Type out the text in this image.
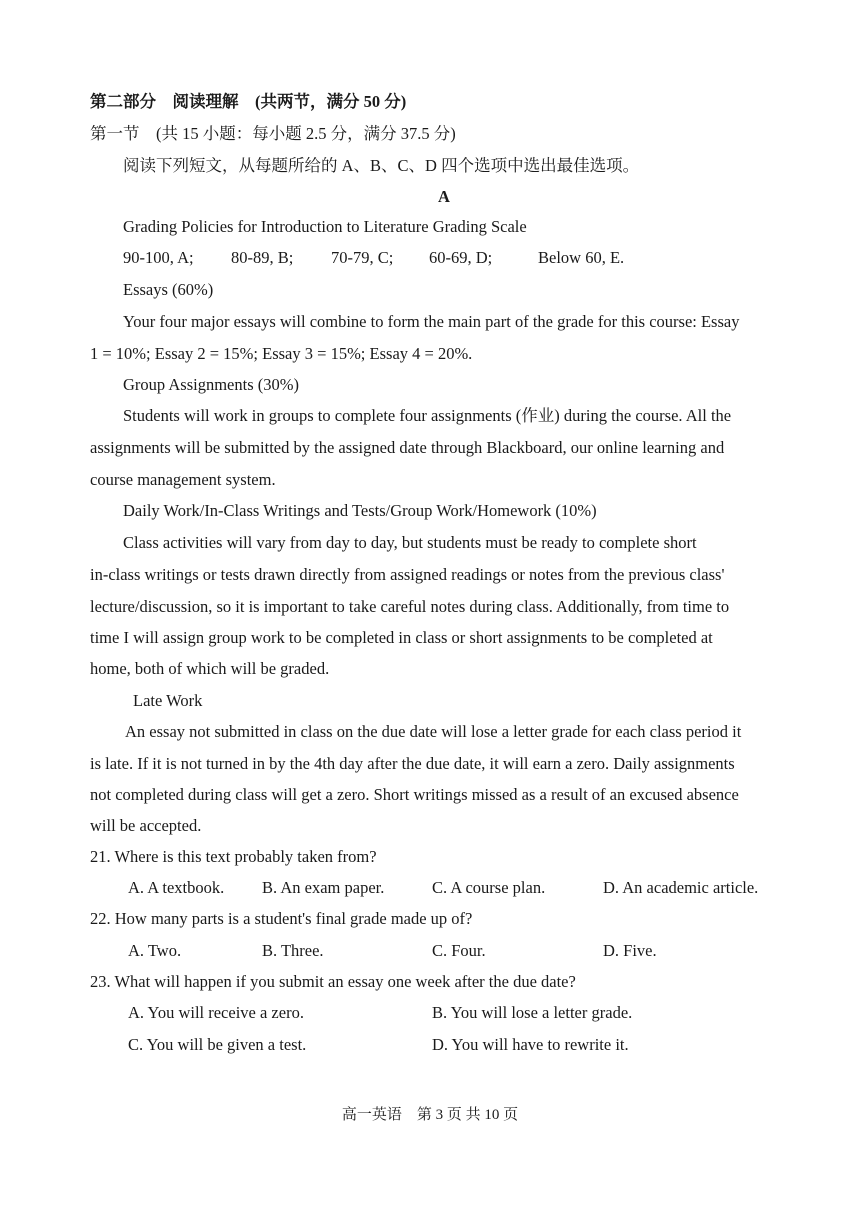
第二部分　阅读理解　(共两节，满分 50 分)
第一节　(共 15 小题：每小题 2.5 分，满分 37.5 分)
阅读下列短文，从每题所给的 A、B、C、D 四个选项中选出最佳选项。
A
Grading Policies for Introduction to Literature Grading Scale
90-100, A; 80-89, B; 70-79, C; 60-69, D;	Below 60, E.
Essays (60%)
Your four major essays will combine to form the main part of the grade for this course: Essay
1 = 10%; Essay 2 = 15%; Essay 3 = 15%; Essay 4 = 20%.
Group Assignments (30%)
Students will work in groups to complete four assignments (作业) during the course. All the
assignments will be submitted by the assigned date through Blackboard, our online learning and
course management system.
Daily Work/In-Class Writings and Tests/Group Work/Homework (10%)
Class activities will vary from day to day, but students must be ready to complete short
in-class writings or tests drawn directly from assigned readings or notes from the previous class'
lecture/discussion, so it is important to take careful notes during class. Additionally, from time to
time I will assign group work to be completed in class or short assignments to be completed at
home, both of which will be graded.
Late Work
An essay not submitted in class on the due date will lose a letter grade for each class period it
is late. If it is not turned in by the 4th day after the due date, it will earn a zero. Daily assignments
not completed during class will get a zero. Short writings missed as a result of an excused absence
will be accepted.
21. Where is this text probably taken from?
A. A textbook. B. An exam paper.	C. A course plan.	D. An academic article.
22. How many parts is a student's final grade made up of?
A. Two.	B. Three.	C. Four.	D. Five.
23. What will happen if you submit an essay one week after the due date?
A. You will receive a zero.	B. You will lose a letter grade.
C. You will be given a test.	D. You will have to rewrite it.
高一英语　第 3 页 共 10 页
